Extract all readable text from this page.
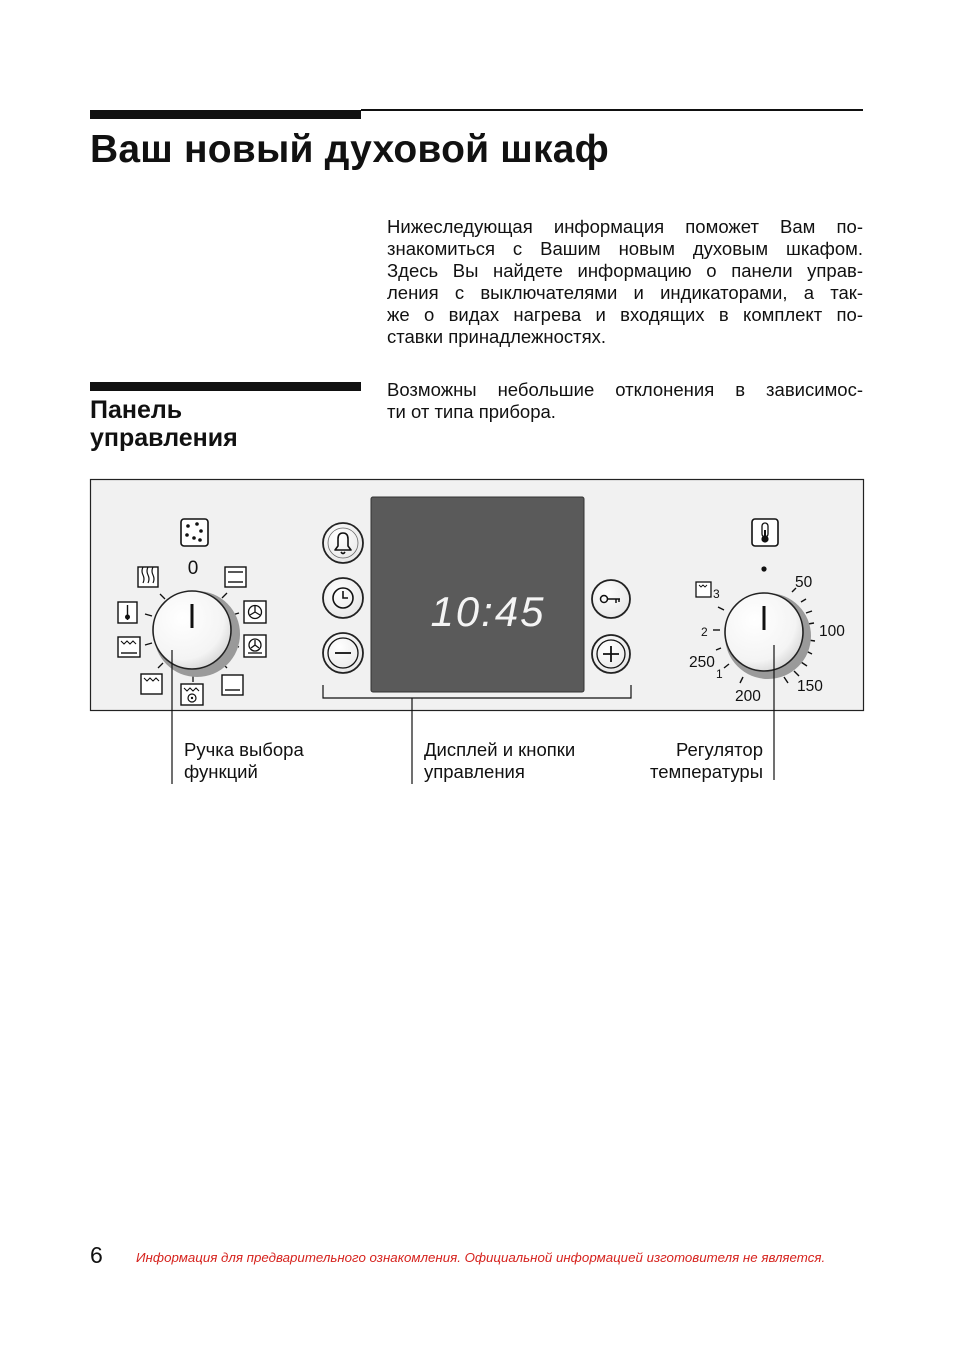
Ваш новый духовой шкаф
Нижеследующая информация поможет Вам по-
знакомиться с Вашим новым духовым шкафом.
Здесь Вы найдете информацию о панели управ-
ления с выключателями и индикаторами, а так-
же о видах нагрева и входящих в комплект по-
ставки принадлежностях.
Панель
управления
Возможны небольшие отклонения в зависимос-
ти от типа прибора.
0
10:45
50
100
150
200
250
1
2
3
Ручка выбора
функций
Дисплей и кнопки
управления
Регулятор
температуры
6 Информация для предварительного ознакомления. Официальной информацией изготовителя не является.
